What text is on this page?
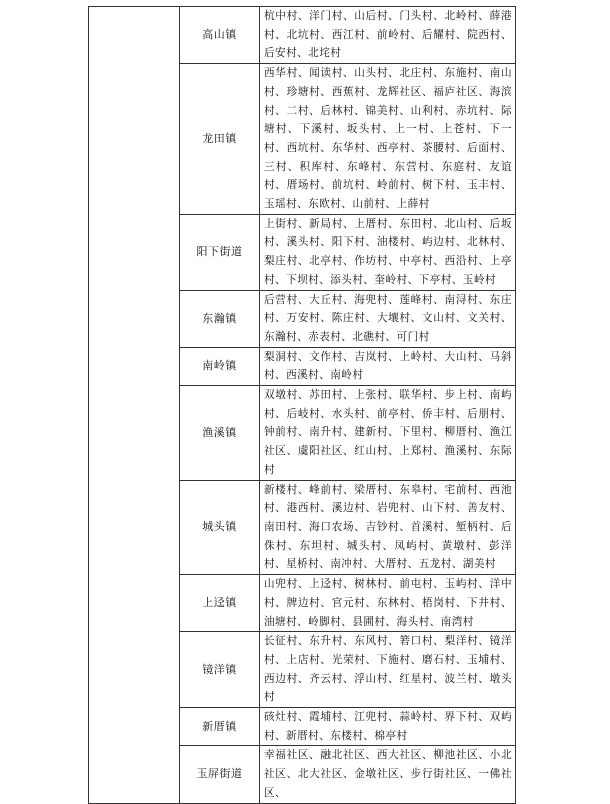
	高山镇	杭中村、洋门村、山后村、门头村、北岭村、薛港村、北坑村、西江村、前岭村、后耀村、院西村、后安村、北垞村
	龙田镇	西华村、闻读村、山头村、北庄村、东施村、南山村、珍塘村、西蕉村、龙辉社区、福庐社区、海滨村、二村、后林村、锦美村、山利村、赤坑村、际塘村、下溪村、坂头村、上一村、上苍村、下一村、西坑村、东华村、西亭村、茶腰村、后面村、三村、积库村、东峰村、东营村、东庭村、友谊村、厝场村、前坑村、岭前村、树下村、玉丰村、玉瑶村、东欧村、山前村、上薛村
	阳下街道	上街村、新局村、上厝村、东田村、北山村、后坂村、溪头村、阳下村、油楼村、屿边村、北林村、梨庄村、北亭村、作坊村、中亭村、西沿村、上亭村、下坝村、添头村、奎岭村、下亭村、玉岭村
	东瀚镇	后营村、大丘村、海兜村、莲峰村、南浔村、东庄村、万安村、陈庄村、大壤村、文山村、文关村、东瀚村、赤表村、北礁村、可门村
	南岭镇	梨洞村、文作村、吉岚村、上岭村、大山村、马斜村、西溪村、南岭村
	渔溪镇	双墩村、苏田村、上张村、联华村、步上村、南屿村、后岐村、水头村、前亭村、侨丰村、后朋村、钟前村、南升村、建新村、下里村、柳厝村、渔江社区、虞阳社区、红山村、上郑村、渔溪村、东际村
	城头镇	新楼村、峰前村、梁厝村、东皋村、宅前村、西池村、港西村、溪边村、岩兜村、山下村、善友村、南田村、海口农场、吉钞村、首溪村、堑柄村、后侏村、东坦村、城头村、凤屿村、黄墩村、彭洋村、星桥村、南冲村、大厝村、五龙村、湖美村
	上迳镇	山兜村、上迳村、树林村、前屯村、玉屿村、洋中村、牌边村、官元村、东林村、梧岗村、下井村、油塘村、岭脚村、县圃村、海头村、南湾村
	镜洋镇	长征村、东升村、东风村、箬口村、梨洋村、镜洋村、上店村、光荣村、下施村、磨石村、玉埔村、西边村、齐云村、浮山村、红星村、波兰村、墩头村
	新厝镇	硋灶村、霞埔村、江兜村、蒜岭村、界下村、双屿村、新厝村、东楼村、棉亭村
	玉屏街道	幸福社区、融北社区、西大社区、柳池社区、小北社区、北大社区、金墩社区、步行街社区、一佛社区、
